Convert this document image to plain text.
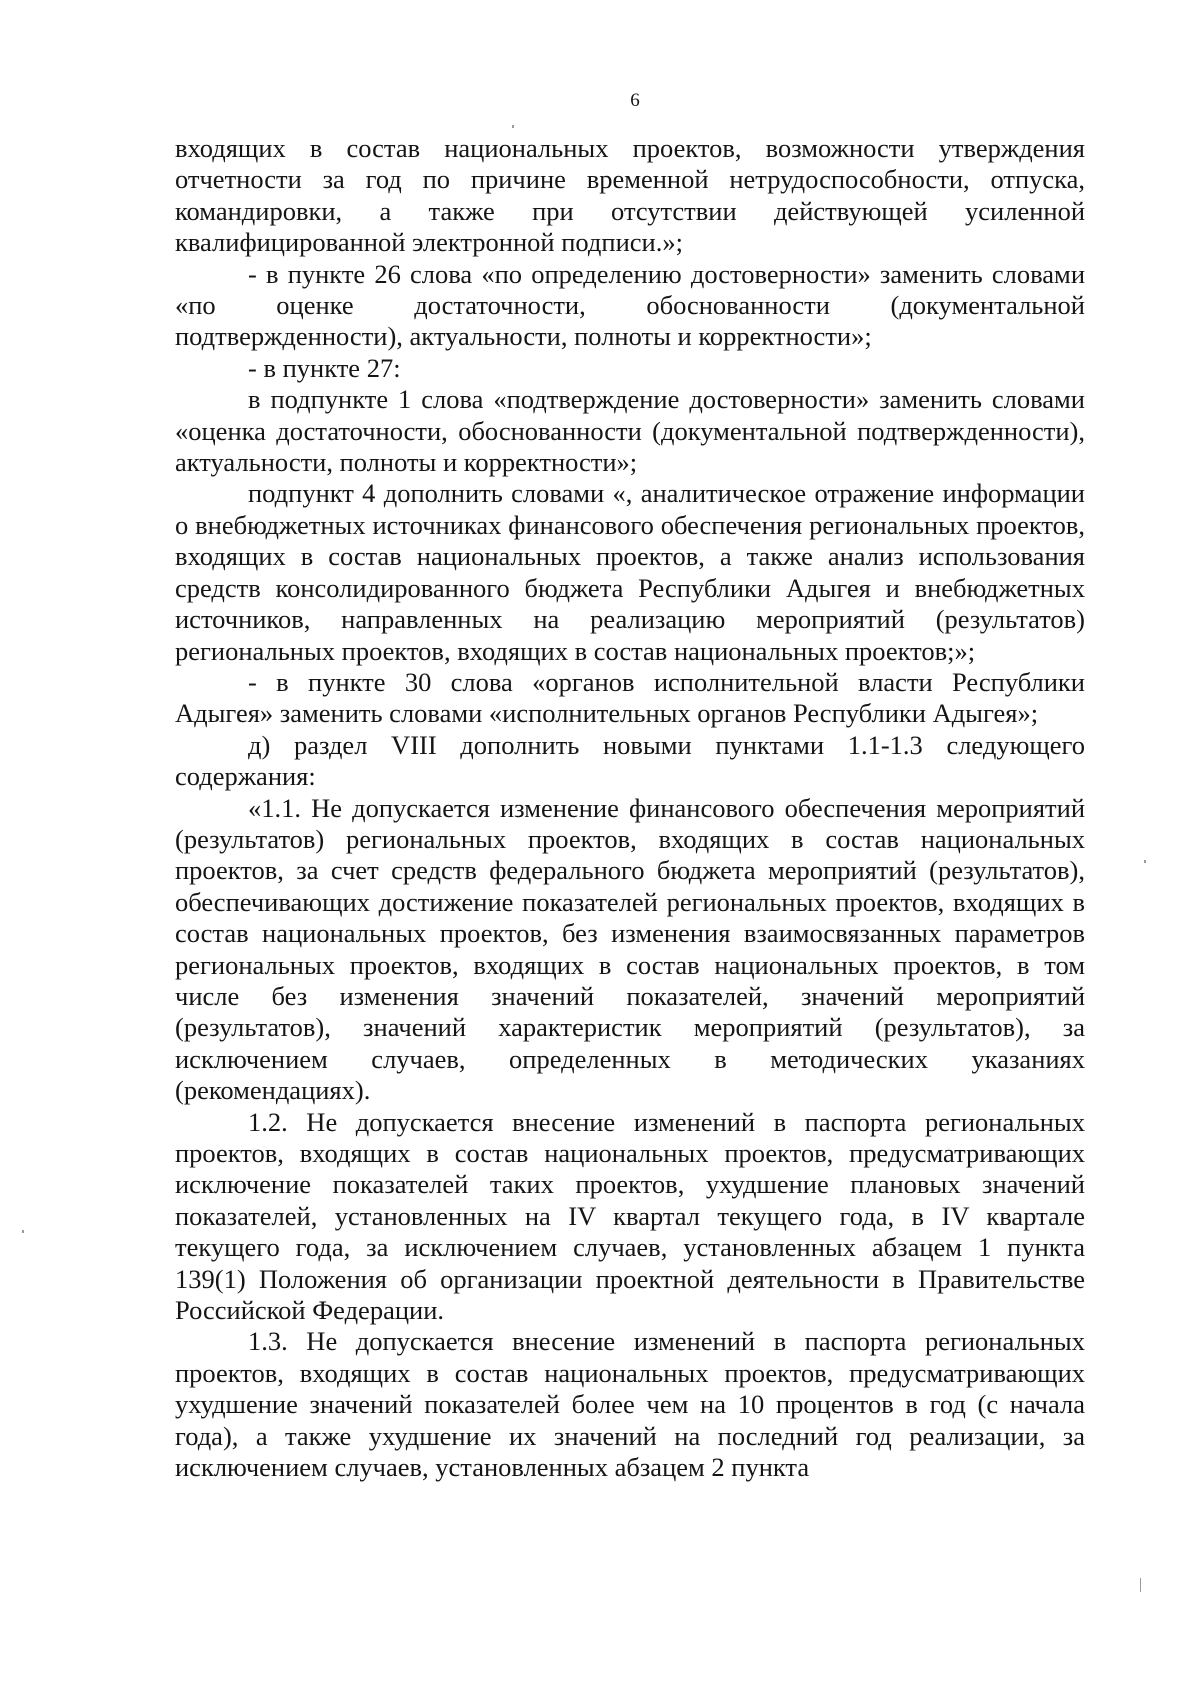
6

входящих в состав национальных проектов, возможности утверждения отчетности за год по причине временной нетрудоспособности, отпуска, командировки, а также при отсутствии действующей усиленной квалифицированной электронной подписи.»;

- в пункте 26 слова «по определению достоверности» заменить словами «по оценке достаточности, обоснованности (документальной подтвержденности), актуальности, полноты и корректности»;

- в пункте 27:

в подпункте 1 слова «подтверждение достоверности» заменить словами «оценка достаточности, обоснованности (документальной подтвержденности), актуальности, полноты и корректности»;

подпункт 4 дополнить словами «, аналитическое отражение информации о внебюджетных источниках финансового обеспечения региональных проектов, входящих в состав национальных проектов, а также анализ использования средств консолидированного бюджета Республики Адыгея и внебюджетных источников, направленных на реализацию мероприятий (результатов) региональных проектов, входящих в состав национальных проектов;»;

- в пункте 30 слова «органов исполнительной власти Республики Адыгея» заменить словами «исполнительных органов Республики Адыгея»;

д) раздел VIII дополнить новыми пунктами 1.1-1.3 следующего содержания:

«1.1. Не допускается изменение финансового обеспечения мероприятий (результатов) региональных проектов, входящих в состав национальных проектов, за счет средств федерального бюджета мероприятий (результатов), обеспечивающих достижение показателей региональных проектов, входящих в состав национальных проектов, без изменения взаимосвязанных параметров региональных проектов, входящих в состав национальных проектов, в том числе без изменения значений показателей, значений мероприятий (результатов), значений характеристик мероприятий (результатов), за исключением случаев, определенных в методических указаниях (рекомендациях).

1.2. Не допускается внесение изменений в паспорта региональных проектов, входящих в состав национальных проектов, предусматривающих исключение показателей таких проектов, ухудшение плановых значений показателей, установленных на IV квартал текущего года, в IV квартале текущего года, за исключением случаев, установленных абзацем 1 пункта 139(1) Положения об организации проектной деятельности в Правительстве Российской Федерации.

1.3. Не допускается внесение изменений в паспорта региональных проектов, входящих в состав национальных проектов, предусматривающих ухудшение значений показателей более чем на 10 процентов в год (с начала года), а также ухудшение их значений на последний год реализации, за исключением случаев, установленных абзацем 2 пункта
